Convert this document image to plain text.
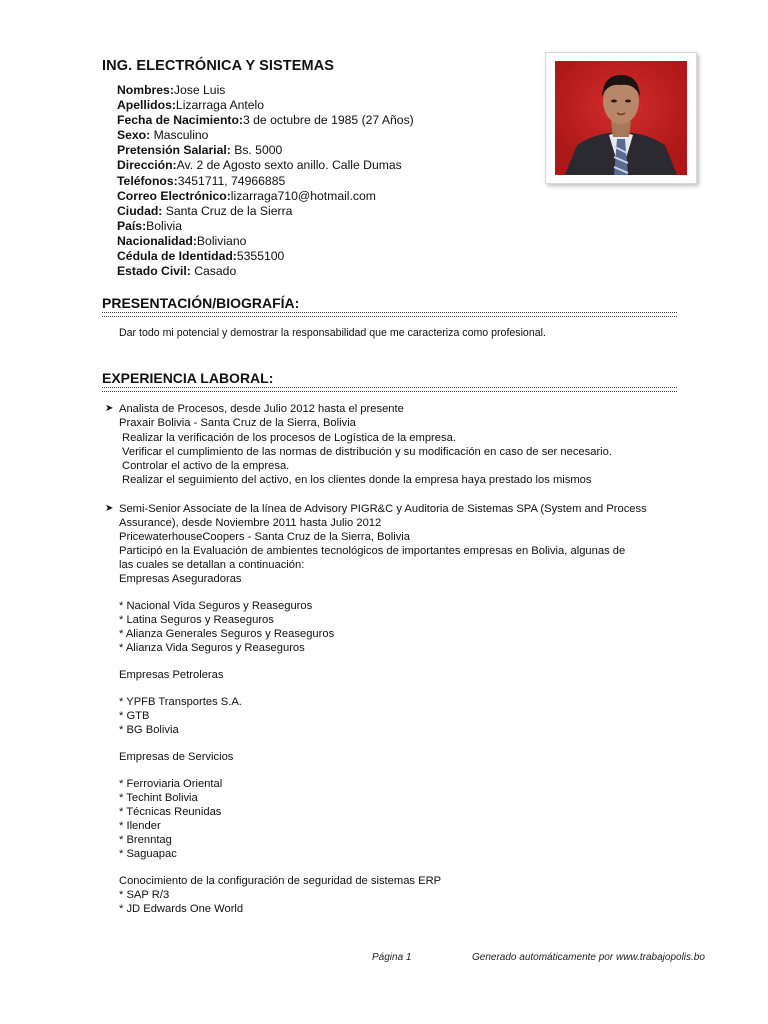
ING. ELECTRÓNICA Y SISTEMAS
Nombres:Jose Luis
Apellidos:Lizarraga Antelo
Fecha de Nacimiento:3 de octubre de 1985 (27 Años)
Sexo: Masculino
Pretensión Salarial: Bs. 5000
Dirección:Av. 2 de Agosto sexto anillo. Calle Dumas
Teléfonos:3451711, 74966885
Correo Electrónico:lizarraga710@hotmail.com
Ciudad: Santa Cruz de la Sierra
País:Bolivia
Nacionalidad:Boliviano
Cédula de Identidad:5355100
Estado Civil: Casado
PRESENTACIÓN/BIOGRAFÍA:
Dar todo mi potencial y demostrar la responsabilidad que me caracteriza como profesional.
EXPERIENCIA LABORAL:
➤ Analista de Procesos, desde Julio 2012 hasta el presente
Praxair Bolivia - Santa Cruz de la Sierra, Bolivia
Realizar la verificación de los procesos de Logística de la empresa.
Verificar el cumplimiento de las normas de distribución y su modificación en caso de ser necesario.
Controlar el activo de la empresa.
Realizar el seguimiento del activo, en los clientes donde la empresa haya prestado los mismos
➤ Semi-Senior Associate de la línea de Advisory PIGR&C y Auditoria de Sistemas SPA (System and Process
Assurance), desde Noviembre 2011 hasta Julio 2012
PricewaterhouseCoopers - Santa Cruz de la Sierra, Bolivia
Participó en la Evaluación de ambientes tecnológicos de importantes empresas en Bolivia, algunas de
las cuales se detallan a continuación:
Empresas Aseguradoras
* Nacional Vida Seguros y Reaseguros
* Latina Seguros y Reaseguros
* Alianza Generales Seguros y Reaseguros
* Alianza Vida Seguros y Reaseguros
Empresas Petroleras
* YPFB Transportes S.A.
* GTB
* BG Bolivia
Empresas de Servicios
* Ferroviaria Oriental
* Techint Bolivia
* Técnicas Reunidas
* Ilender
* Brenntag
* Saguapac
Conocimiento de la configuración de seguridad de sistemas ERP
* SAP R/3
* JD Edwards One World
Página 1	Generado automáticamente por www.trabajopolis.bo
